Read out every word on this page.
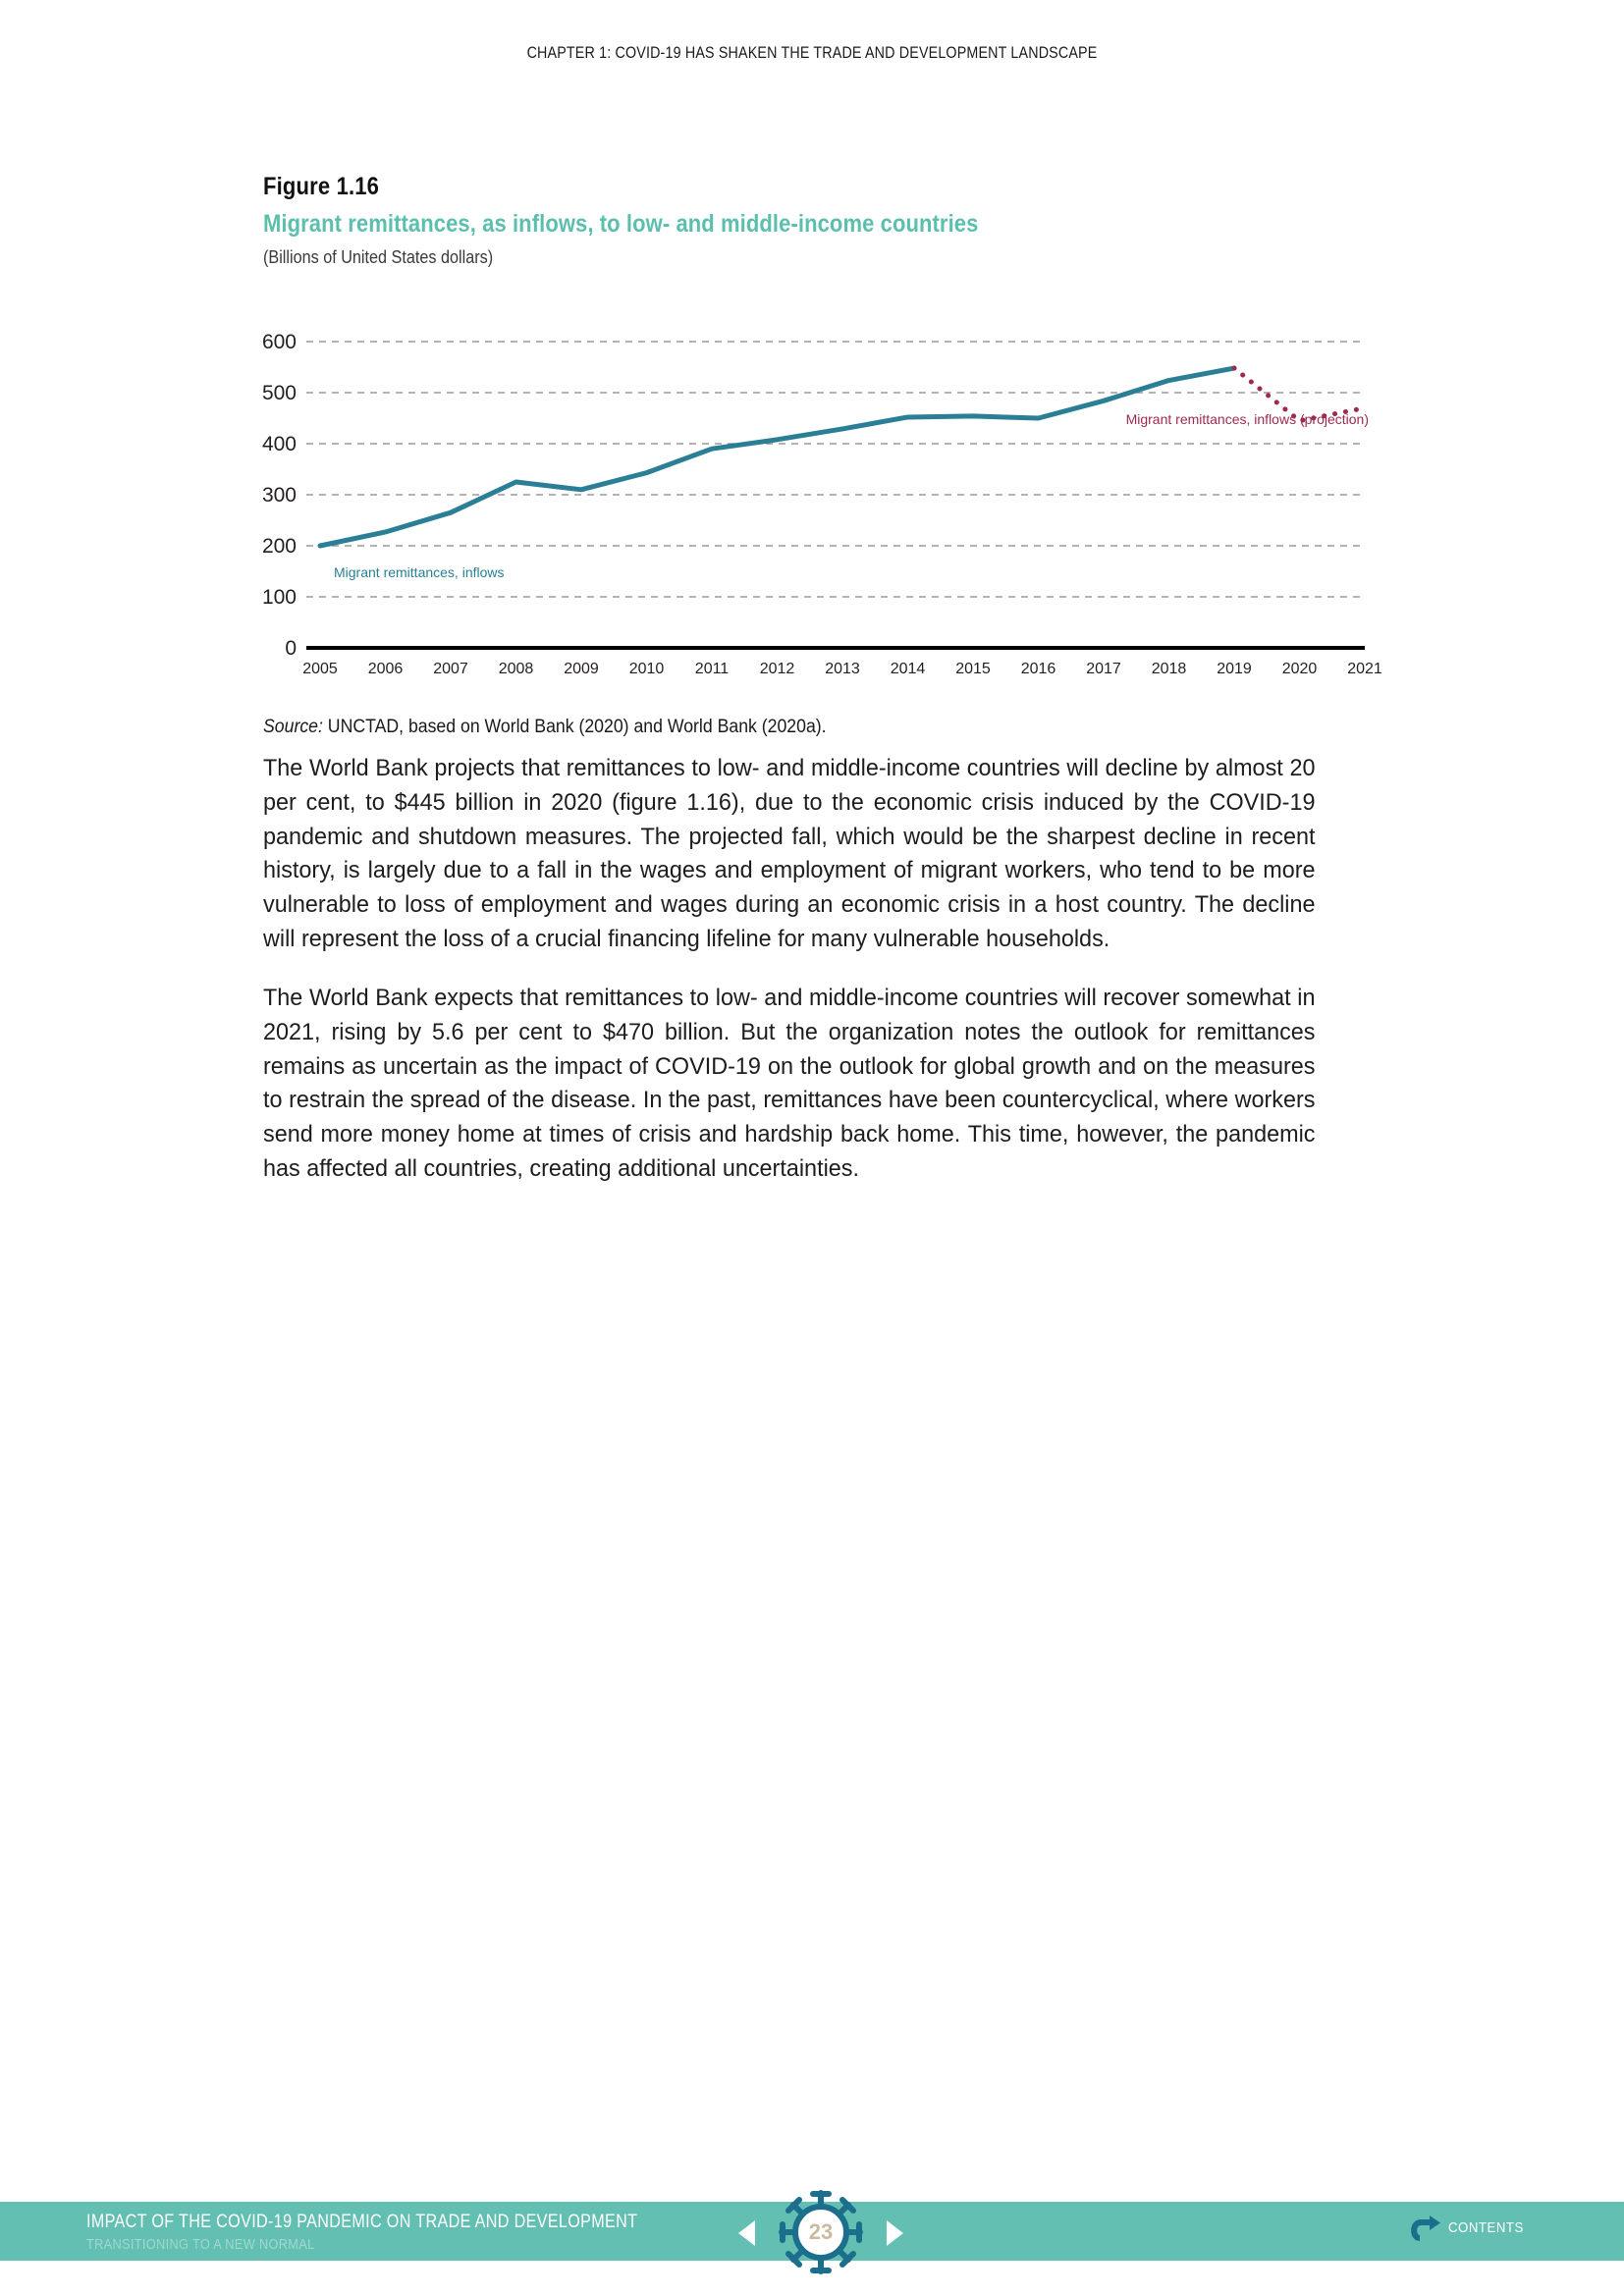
CHAPTER 1: COVID-19 HAS SHAKEN THE TRADE AND DEVELOPMENT LANDSCAPE
Figure 1.16
Migrant remittances, as inflows, to low- and middle-income countries
(Billions of United States dollars)
0
100
200
300
400
500
600
2005 2006 2007 2008 2009 2010 2011 2012 2013 2014 2015 2016 2017 2018 2019 2020 2021
Migrant remittances, inflows
Migrant remittances, inflows (projection)
Source: UNCTAD, based on World Bank (2020) and World Bank (2020a).

The World Bank projects that remittances to low- and middle-income countries will decline by almost 20 per cent, to $445 billion in 2020 (figure 1.16), due to the economic crisis induced by the COVID-19 pandemic and shutdown measures. The projected fall, which would be the sharpest decline in recent history, is largely due to a fall in the wages and employment of migrant workers, who tend to be more vulnerable to loss of employment and wages during an economic crisis in a host country. The decline will represent the loss of a crucial financing lifeline for many vulnerable households.

The World Bank expects that remittances to low- and middle-income countries will recover somewhat in 2021, rising by 5.6 per cent to $470 billion. But the organization notes the outlook for remittances remains as uncertain as the impact of COVID-19 on the outlook for global growth and on the measures to restrain the spread of the disease. In the past, remittances have been countercyclical, where workers send more money home at times of crisis and hardship back home. This time, however, the pandemic has affected all countries, creating additional uncertainties.

IMPACT OF THE COVID-19 PANDEMIC ON TRADE AND DEVELOPMENT
TRANSITIONING TO A NEW NORMAL
23	CONTENTS
